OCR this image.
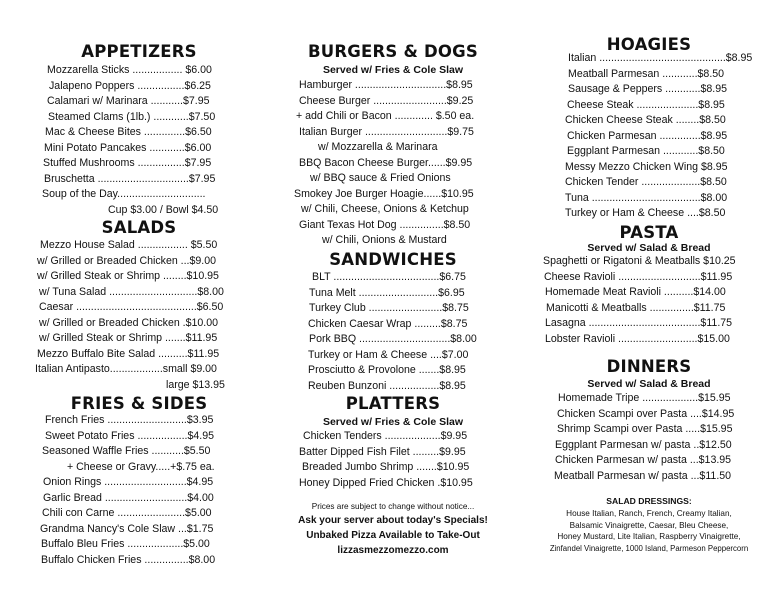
APPETIZERS
Mozzarella Sticks ................. $6.00
Jalapeno Poppers ................$6.25
Calamari w/ Marinara ...........$7.95
Steamed Clams (1lb.) ............$7.50
Mac & Cheese Bites ..............$6.50
Mini Potato Pancakes ............$6.00
Stuffed Mushrooms ................$7.95
Bruschetta ...............................$7.95
Soup of the Day..............................
Cup $3.00 / Bowl $4.50
SALADS
Mezzo House Salad ................. $5.50
w/ Grilled or Breaded Chicken ...$9.00
w/ Grilled Steak or Shrimp ........$10.95
w/ Tuna Salad ..............................$8.00
Caesar .........................................$6.50
w/ Grilled or Breaded Chicken .$10.00
w/ Grilled Steak or Shrimp .......$11.95
Mezzo Buffalo Bite Salad ..........$11.95
Italian Antipasto..................small $9.00
large $13.95
FRIES & SIDES
French Fries ...........................$3.95
Sweet Potato Fries .................$4.95
Seasoned Waffle Fries ...........$5.50
+ Cheese or Gravy.....+$.75 ea.
Onion Rings ............................$4.95
Garlic Bread ............................$4.00
Chili con Carne .......................$5.00
Grandma Nancy's Cole Slaw ...$1.75
Buffalo Bleu Fries ...................$5.00
Buffalo Chicken Fries ...............$8.00
BURGERS & DOGS
Served w/ Fries & Cole Slaw
Hamburger ...............................$8.95
Cheese Burger .........................$9.25
+ add Chili or Bacon ............. $.50 ea.
Italian Burger ............................$9.75
w/ Mozzarella & Marinara
BBQ Bacon Cheese Burger......$9.95
w/ BBQ sauce & Fried Onions
Smokey Joe Burger Hoagie......$10.95
w/ Chili, Cheese, Onions & Ketchup
Giant Texas Hot Dog ...............$8.50
w/ Chili, Onions & Mustard
SANDWICHES
BLT ....................................$6.75
Tuna Melt ...........................$6.95
Turkey Club .........................$8.75
Chicken Caesar Wrap .........$8.75
Pork BBQ ...............................$8.00
Turkey or Ham & Cheese ....$7.00
Prosciutto & Provolone .......$8.95
Reuben Bunzoni .................$8.95
PLATTERS
Served w/ Fries & Cole Slaw
Chicken Tenders ...................$9.95
Batter Dipped Fish Filet .........$9.95
Breaded Jumbo Shrimp .......$10.95
Honey Dipped Fried Chicken .$10.95
Prices are subject to change without notice...
Ask your server about today's Specials!
Unbaked Pizza Available to Take-Out
lizzasmezzomezzo.com
HOAGIES
Italian ...........................................$8.95
Meatball Parmesan ............$8.50
Sausage & Peppers ............$8.95
Cheese Steak .....................$8.95
Chicken Cheese Steak ........$8.50
Chicken Parmesan ..............$8.95
Eggplant Parmesan ............$8.50
Messy Mezzo Chicken Wing $8.95
Chicken Tender ....................$8.50
Tuna .....................................$8.00
Turkey or Ham & Cheese ....$8.50
PASTA
Served w/ Salad & Bread
Spaghetti or Rigatoni & Meatballs $10.25
Cheese Ravioli ............................$11.95
Homemade Meat Ravioli ..........$14.00
Manicotti & Meatballs ...............$11.75
Lasagna ......................................$11.75
Lobster Ravioli ...........................$15.00
DINNERS
Served w/ Salad & Bread
Homemade Tripe ...................$15.95
Chicken Scampi over Pasta ....$14.95
Shrimp Scampi over Pasta .....$15.95
Eggplant Parmesan w/ pasta ..$12.50
Chicken Parmesan w/ pasta ...$13.95
Meatball Parmesan w/ pasta ...$11.50
SALAD DRESSINGS:
House Italian, Ranch, French, Creamy Italian,
Balsamic Vinaigrette, Caesar, Bleu Cheese,
Honey Mustard, Lite Italian, Raspberry Vinaigrette,
Zinfandel Vinaigrette, 1000 Island, Parmeson Peppercorn
